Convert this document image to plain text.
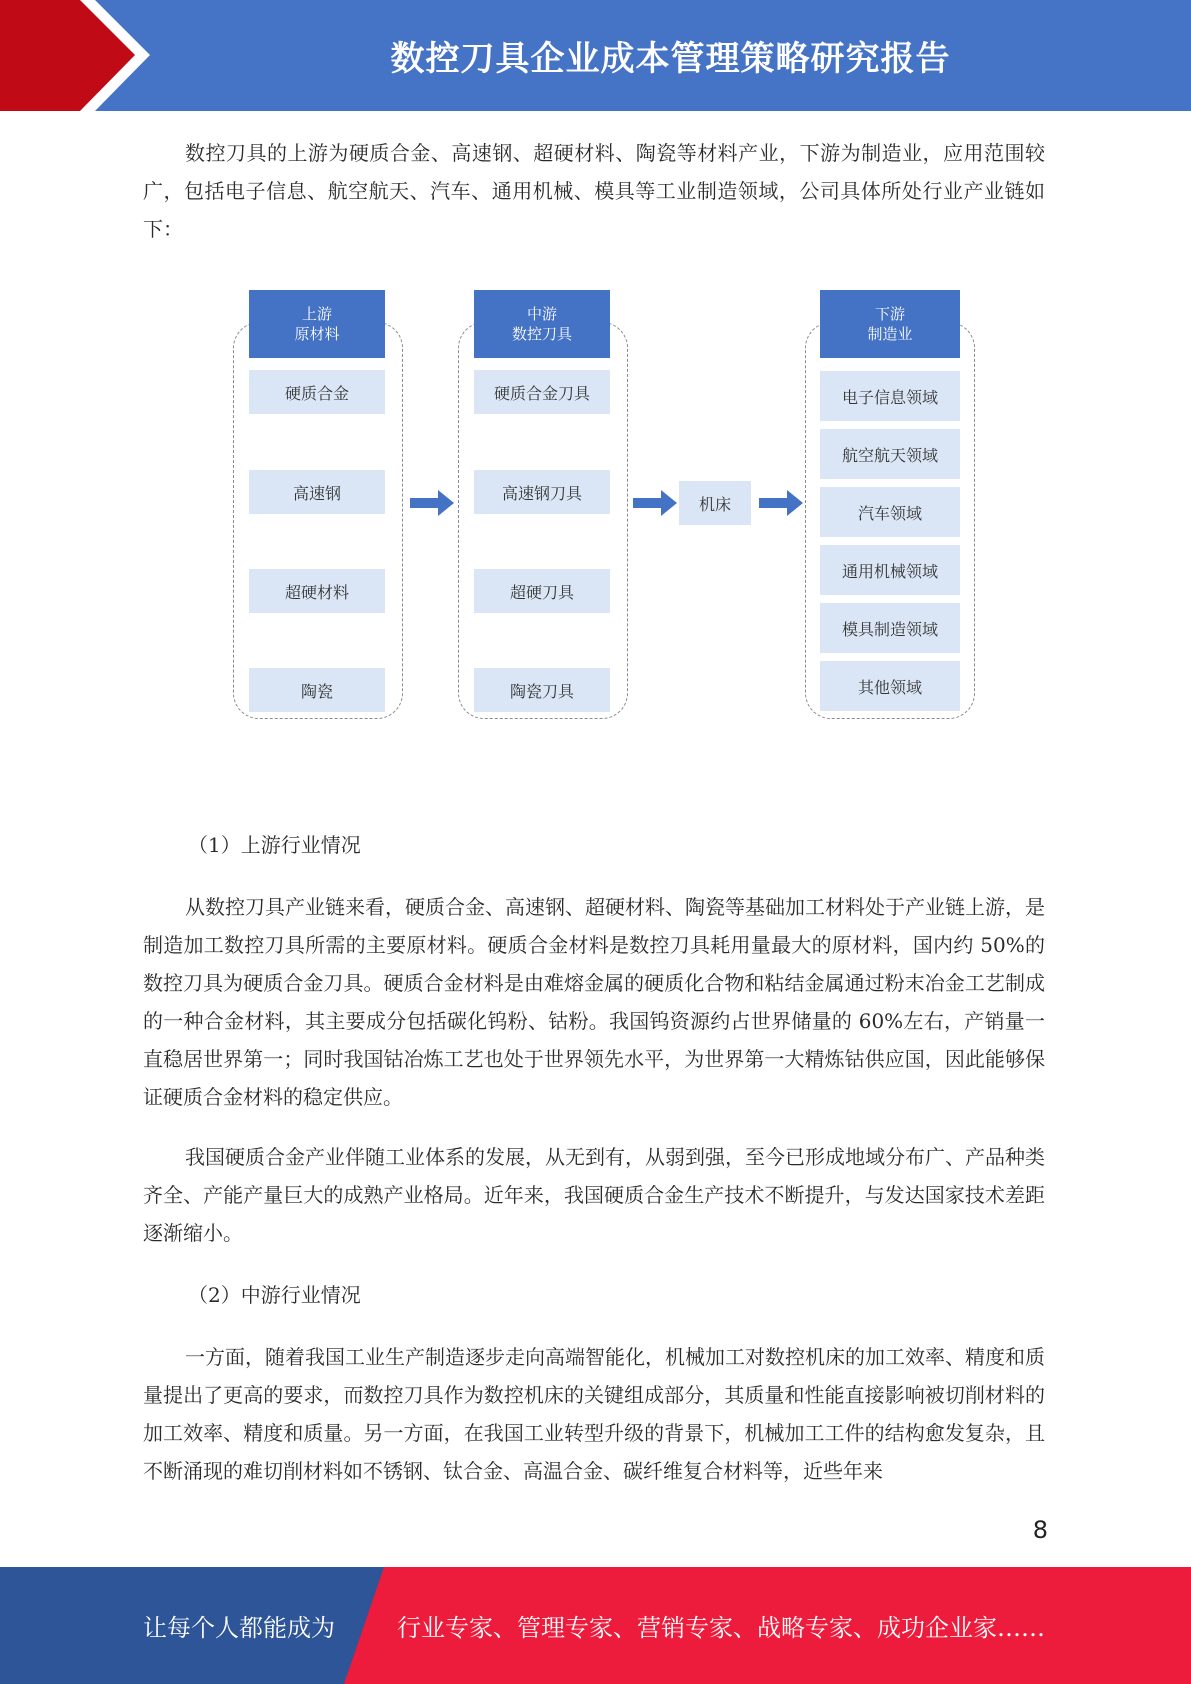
数控刀具企业成本管理策略研究报告

数控刀具的上游为硬质合金、高速钢、超硬材料、陶瓷等材料产业，下游为制造业，应用范围较广，包括电子信息、航空航天、汽车、通用机械、模具等工业制造领域，公司具体所处行业产业链如下：

上游
原材料
硬质合金
高速钢
超硬材料
陶瓷
中游
数控刀具
硬质合金刀具
高速钢刀具
超硬刀具
陶瓷刀具
机床
下游
制造业
电子信息领域
航空航天领域
汽车领域
通用机械领域
模具制造领域
其他领域

（1）上游行业情况

从数控刀具产业链来看，硬质合金、高速钢、超硬材料、陶瓷等基础加工材料处于产业链上游，是制造加工数控刀具所需的主要原材料。硬质合金材料是数控刀具耗用量最大的原材料，国内约 50%的数控刀具为硬质合金刀具。硬质合金材料是由难熔金属的硬质化合物和粘结金属通过粉末冶金工艺制成的一种合金材料，其主要成分包括碳化钨粉、钴粉。我国钨资源约占世界储量的 60%左右，产销量一直稳居世界第一；同时我国钴冶炼工艺也处于世界领先水平，为世界第一大精炼钴供应国，因此能够保证硬质合金材料的稳定供应。

我国硬质合金产业伴随工业体系的发展，从无到有，从弱到强，至今已形成地域分布广、产品种类齐全、产能产量巨大的成熟产业格局。近年来，我国硬质合金生产技术不断提升，与发达国家技术差距逐渐缩小。

（2）中游行业情况

一方面，随着我国工业生产制造逐步走向高端智能化，机械加工对数控机床的加工效率、精度和质量提出了更高的要求，而数控刀具作为数控机床的关键组成部分，其质量和性能直接影响被切削材料的加工效率、精度和质量。另一方面，在我国工业转型升级的背景下，机械加工工件的结构愈发复杂，且不断涌现的难切削材料如不锈钢、钛合金、高温合金、碳纤维复合材料等，近些年来

8
让每个人都能成为	行业专家、管理专家、营销专家、战略专家、成功企业家……
